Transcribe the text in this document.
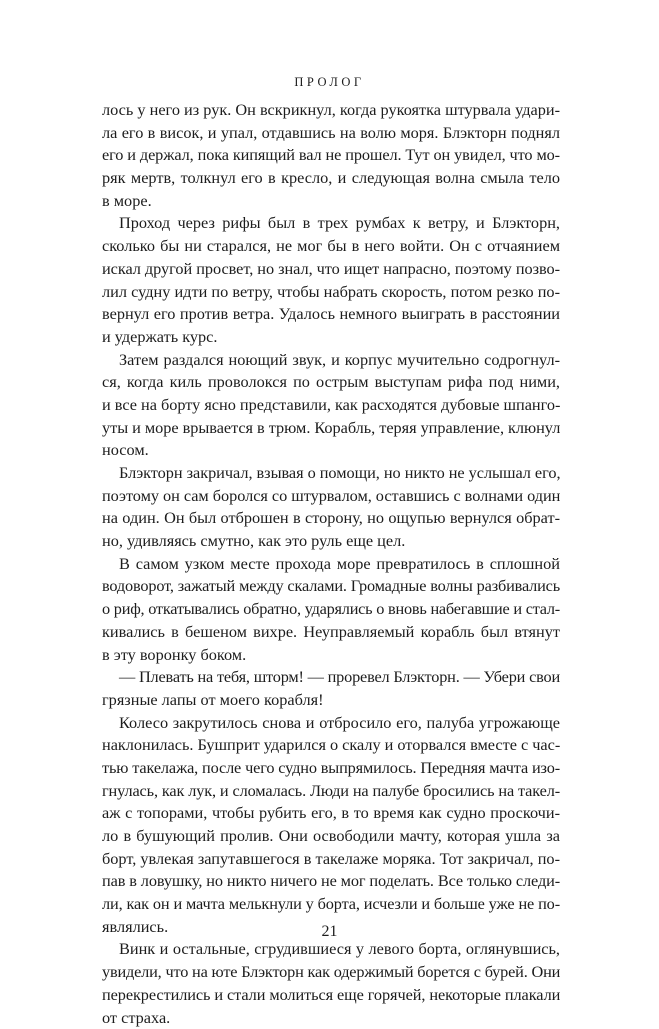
ПРОЛОГ
лось у него из рук. Он вскрикнул, когда рукоятка штурвала удари-
ла его в висок, и упал, отдавшись на волю моря. Блэкторн поднял
его и держал, пока кипящий вал не прошел. Тут он увидел, что мо-
ряк мертв, толкнул его в кресло, и следующая волна смыла тело
в море.
Проход через рифы был в трех румбах к ветру, и Блэкторн,
сколько бы ни старался, не мог бы в него войти. Он с отчаянием
искал другой просвет, но знал, что ищет напрасно, поэтому позво-
лил судну идти по ветру, чтобы набрать скорость, потом резко по-
вернул его против ветра. Удалось немного выиграть в расстоянии
и удержать курс.
Затем раздался ноющий звук, и корпус мучительно содрогнул-
ся, когда киль проволокся по острым выступам рифа под ними,
и все на борту ясно представили, как расходятся дубовые шпанго-
уты и море врывается в трюм. Корабль, теряя управление, клюнул
носом.
Блэкторн закричал, взывая о помощи, но никто не услышал его,
поэтому он сам боролся со штурвалом, оставшись с волнами один
на один. Он был отброшен в сторону, но ощупью вернулся обрат-
но, удивляясь смутно, как это руль еще цел.
В самом узком месте прохода море превратилось в сплошной
водоворот, зажатый между скалами. Громадные волны разбивались
о риф, откатывались обратно, ударялись о вновь набегавшие и стал-
кивались в бешеном вихре. Неуправляемый корабль был втянут
в эту воронку боком.
— Плевать на тебя, шторм! — проревел Блэкторн. — Убери свои
грязные лапы от моего корабля!
Колесо закрутилось снова и отбросило его, палуба угрожающе
наклонилась. Бушприт ударился о скалу и оторвался вместе с час-
тью такелажа, после чего судно выпрямилось. Передняя мачта изо-
гнулась, как лук, и сломалась. Люди на палубе бросились на такел-
аж с топорами, чтобы рубить его, в то время как судно проскочи-
ло в бушующий пролив. Они освободили мачту, которая ушла за
борт, увлекая запутавшегося в такелаже моряка. Тот закричал, по-
пав в ловушку, но никто ничего не мог поделать. Все только следи-
ли, как он и мачта мелькнули у борта, исчезли и больше уже не по-
являлись.
Винк и остальные, сгрудившиеся у левого борта, оглянувшись,
увидели, что на юте Блэкторн как одержимый борется с бурей. Они
перекрестились и стали молиться еще горячей, некоторые плакали
от страха.
21
